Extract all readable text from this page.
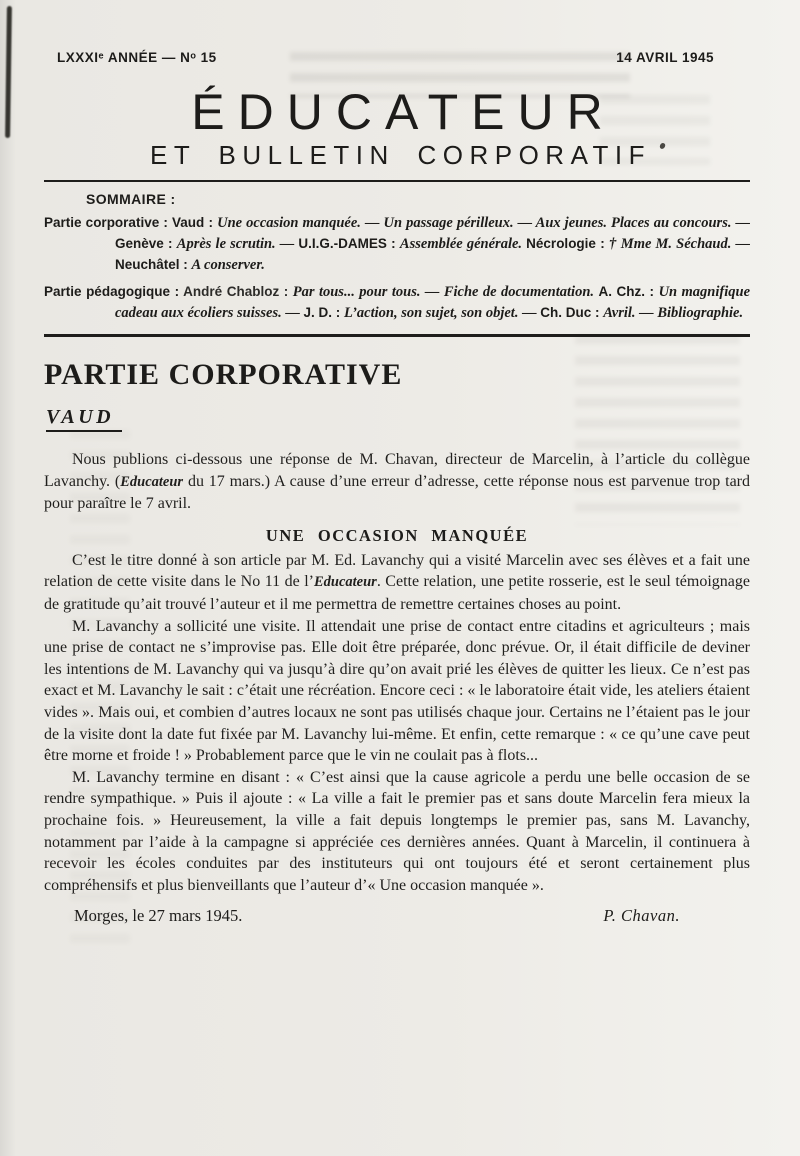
LXXXIᵉ ANNÉE — Nᵒ 15	14 AVRIL 1945
ÉDUCATEUR
ET BULLETIN CORPORATIF
SOMMAIRE :

Partie corporative : Vaud : Une occasion manquée. — Un passage périlleux. — Aux jeunes. Places au concours. — Genève : Après le scrutin. — U.I.G.-DAMES : Assemblée générale. Nécrologie : † Mme M. Séchaud. — Neuchâtel : A conserver.

Partie pédagogique : André Chabloz : Par tous... pour tous. — Fiche de documentation. A. Chz. : Un magnifique cadeau aux écoliers suisses. — J. D. : L’action, son sujet, son objet. — Ch. Duc : Avril. — Bibliographie.

PARTIE CORPORATIVE
VAUD

Nous publions ci-dessous une réponse de M. Chavan, directeur de Marcelin, à l’article du collègue Lavanchy. (Educateur du 17 mars.) A cause d’une erreur d’adresse, cette réponse nous est parvenue trop tard pour paraître le 7 avril.

UNE OCCASION MANQUÉE

C’est le titre donné à son article par M. Ed. Lavanchy qui a visité Marcelin avec ses élèves et a fait une relation de cette visite dans le No 11 de l’Educateur. Cette relation, une petite rosserie, est le seul témoignage de gratitude qu’ait trouvé l’auteur et il me permettra de remettre certaines choses au point.

M. Lavanchy a sollicité une visite. Il attendait une prise de contact entre citadins et agriculteurs ; mais une prise de contact ne s’improvise pas. Elle doit être préparée, donc prévue. Or, il était difficile de deviner les intentions de M. Lavanchy qui va jusqu’à dire qu’on avait prié les élèves de quitter les lieux. Ce n’est pas exact et M. Lavanchy le sait : c’était une récréation. Encore ceci : « le laboratoire était vide, les ateliers étaient vides ». Mais oui, et combien d’autres locaux ne sont pas utilisés chaque jour. Certains ne l’étaient pas le jour de la visite dont la date fut fixée par M. Lavanchy lui-même. Et enfin, cette remarque : « ce qu’une cave peut être morne et froide ! » Probablement parce que le vin ne coulait pas à flots...

M. Lavanchy termine en disant : « C’est ainsi que la cause agricole a perdu une belle occasion de se rendre sympathique. » Puis il ajoute : « La ville a fait le premier pas et sans doute Marcelin fera mieux la prochaine fois. » Heureusement, la ville a fait depuis longtemps le premier pas, sans M. Lavanchy, notamment par l’aide à la campagne si appréciée ces dernières années. Quant à Marcelin, il continuera à recevoir les écoles conduites par des instituteurs qui ont toujours été et seront certainement plus compréhensifs et plus bienveillants que l’auteur d’« Une occasion manquée ».

Morges, le 27 mars 1945.	P. Chavan.
